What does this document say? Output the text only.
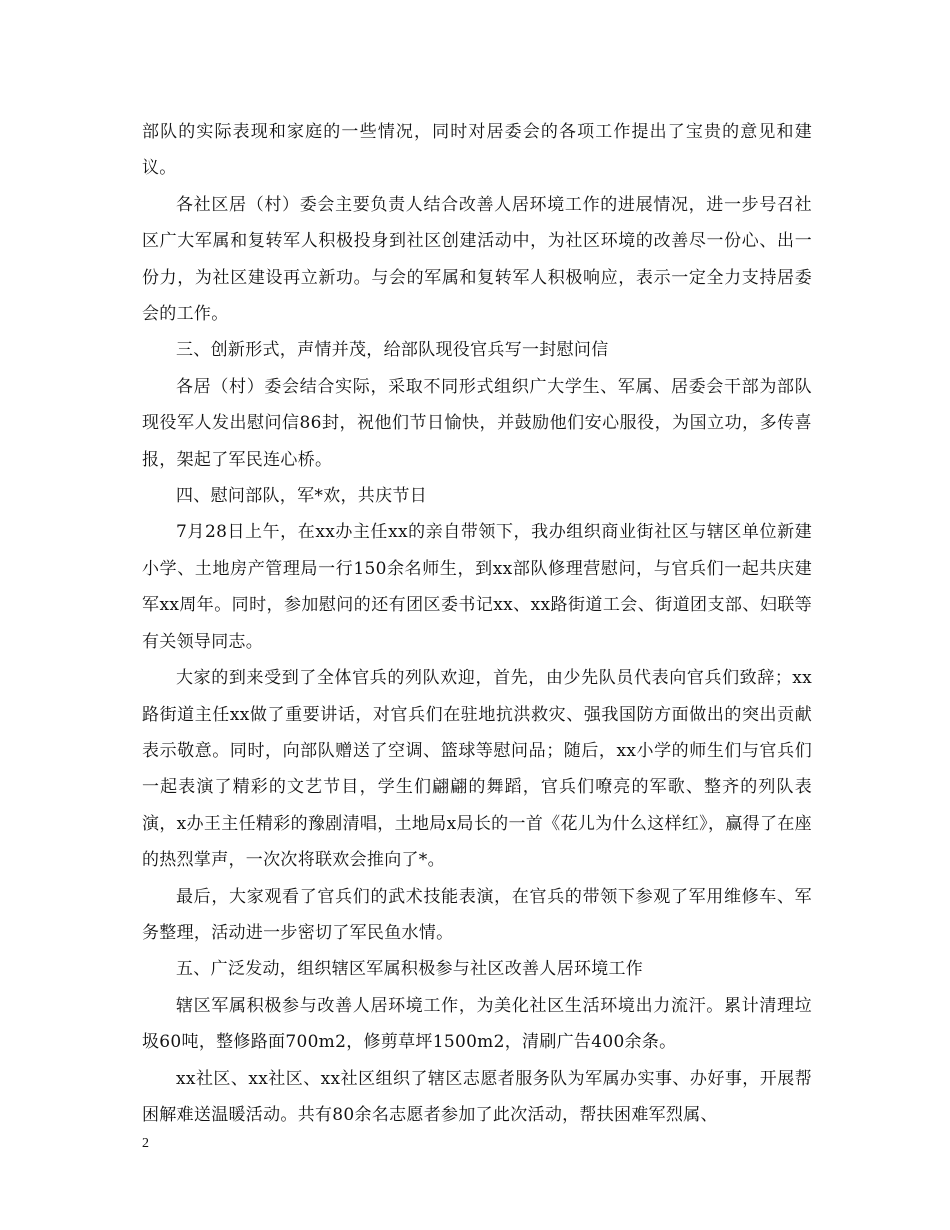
部队的实际表现和家庭的一些情况，同时对居委会的各项工作提出了宝贵的意见和建议。

各社区居（村）委会主要负责人结合改善人居环境工作的进展情况，进一步号召社区广大军属和复转军人积极投身到社区创建活动中，为社区环境的改善尽一份心、出一份力，为社区建设再立新功。与会的军属和复转军人积极响应，表示一定全力支持居委会的工作。

三、创新形式，声情并茂，给部队现役官兵写一封慰问信

各居（村）委会结合实际，采取不同形式组织广大学生、军属、居委会干部为部队现役军人发出慰问信86封，祝他们节日愉快，并鼓励他们安心服役，为国立功，多传喜报，架起了军民连心桥。

四、慰问部队，军*欢，共庆节日

7月28日上午，在xx办主任xx的亲自带领下，我办组织商业街社区与辖区单位新建小学、土地房产管理局一行150余名师生，到xx部队修理营慰问，与官兵们一起共庆建军xx周年。同时，参加慰问的还有团区委书记xx、xx路街道工会、街道团支部、妇联等有关领导同志。

大家的到来受到了全体官兵的列队欢迎，首先，由少先队员代表向官兵们致辞；xx路街道主任xx做了重要讲话，对官兵们在驻地抗洪救灾、强我国防方面做出的突出贡献表示敬意。同时，向部队赠送了空调、篮球等慰问品；随后，xx小学的师生们与官兵们一起表演了精彩的文艺节目，学生们翩翩的舞蹈，官兵们嘹亮的军歌、整齐的列队表演，x办王主任精彩的豫剧清唱，土地局x局长的一首《花儿为什么这样红》，赢得了在座的热烈掌声，一次次将联欢会推向了*。

最后，大家观看了官兵们的武术技能表演，在官兵的带领下参观了军用维修车、军务整理，活动进一步密切了军民鱼水情。

五、广泛发动，组织辖区军属积极参与社区改善人居环境工作

辖区军属积极参与改善人居环境工作，为美化社区生活环境出力流汗。累计清理垃圾60吨，整修路面700m2，修剪草坪1500m2，清刷广告400余条。

xx社区、xx社区、xx社区组织了辖区志愿者服务队为军属办实事、办好事，开展帮困解难送温暖活动。共有80余名志愿者参加了此次活动，帮扶困难军烈属、

2
